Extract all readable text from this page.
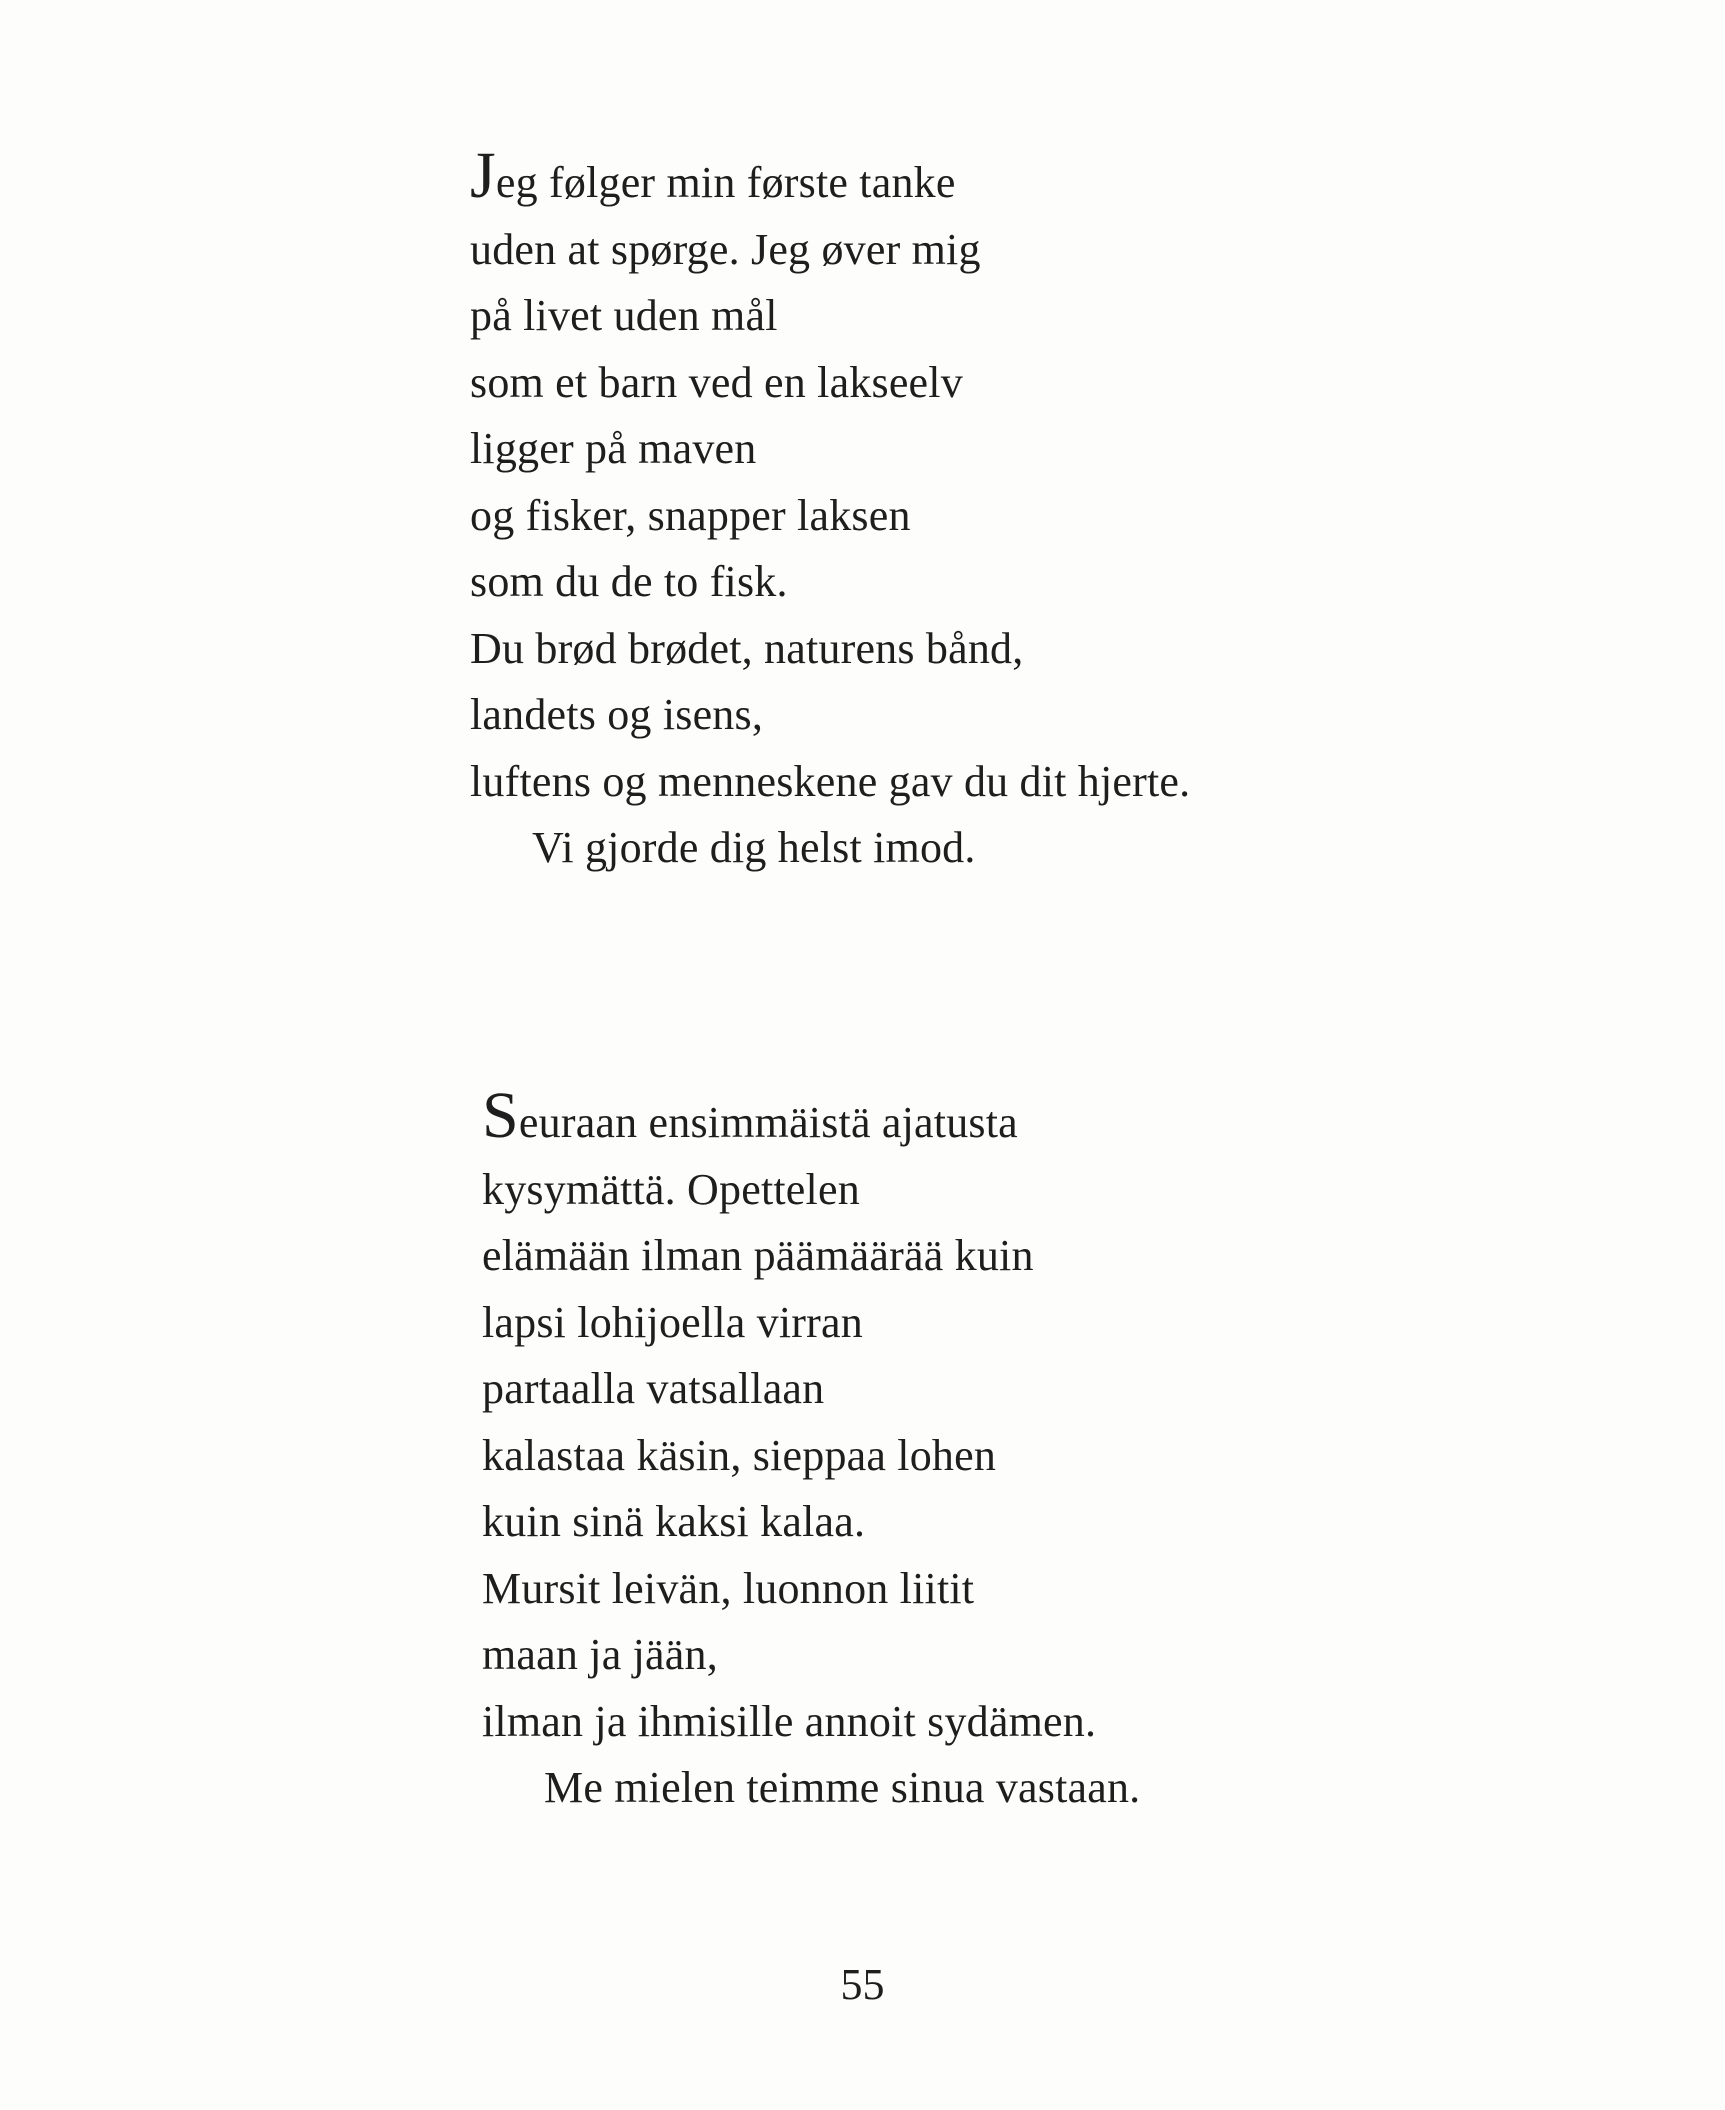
Jeg følger min første tanke
uden at spørge. Jeg øver mig
på livet uden mål
som et barn ved en lakseelv
ligger på maven
og fisker, snapper laksen
som du de to fisk.
Du brød brødet, naturens bånd,
landets og isens,
luftens og menneskene gav du dit hjerte.
Vi gjorde dig helst imod.
Seuraan ensimmäistä ajatusta
kysymättä. Opettelen
elämään ilman päämäärää kuin
lapsi lohijoella virran
partaalla vatsallaan
kalastaa käsin, sieppaa lohen
kuin sinä kaksi kalaa.
Mursit leivän, luonnon liitit
maan ja jään,
ilman ja ihmisille annoit sydämen.
Me mielen teimme sinua vastaan.
55
